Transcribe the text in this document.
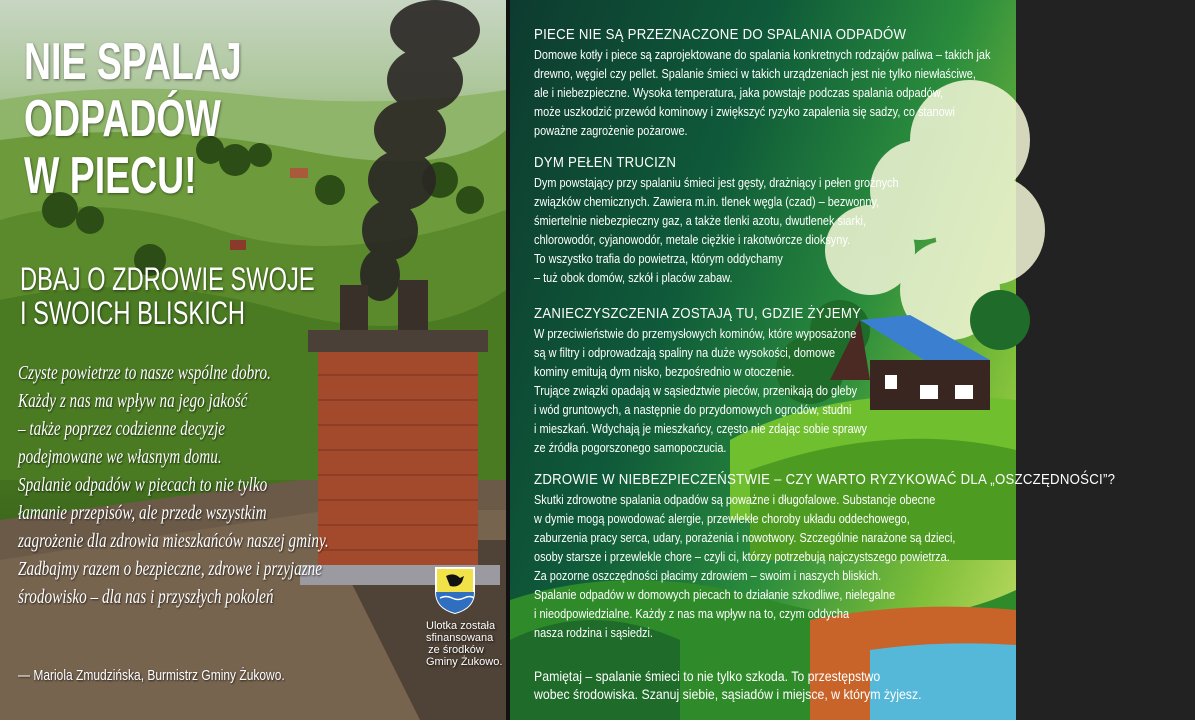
NIE SPALAJ ODPADÓW
W PIECU!
DBAJ O ZDROWIE SWOJE
I SWOICH BLISKICH
Czyste powietrze to nasze wspólne dobro.
Każdy z nas ma wpływ na jego jakość
– także poprzez codzienne decyzje
podejmowane we własnym domu.
Spalanie odpadów w piecach to nie tylko
łamanie przepisów, ale przede wszystkim
zagrożenie dla zdrowia mieszkańców naszej gminy.
Zadbajmy razem o bezpieczne, zdrowe i przyjazne
środowisko – dla nas i przyszłych pokoleń
— Mariola Zmudzińska, Burmistrz Gminy Żukowo.
Ulotka została
sfinansowana
ze środków
Gminy Żukowo.
PIECE NIE SĄ PRZEZNACZONE DO SPALANIA ODPADÓW

Domowe kotły i piece są zaprojektowane do spalania konkretnych rodzajów paliwa – takich jak
drewno, węgiel czy pellet. Spalanie śmieci w takich urządzeniach jest nie tylko niewłaściwe,
ale i niebezpieczne. Wysoka temperatura, jaka powstaje podczas spalania odpadów,
może uszkodzić przewód kominowy i zwiększyć ryzyko zapalenia się sadzy, co stanowi
poważne zagrożenie pożarowe.

DYM PEŁEN TRUCIZN

Dym powstający przy spalaniu śmieci jest gęsty, drażniący i pełen groźnych
związków chemicznych. Zawiera m.in. tlenek węgla (czad) – bezwonny,
śmiertelnie niebezpieczny gaz, a także tlenki azotu, dwutlenek siarki,
chlorowodór, cyjanowodór, metale ciężkie i rakotwórcze dioksyny.
To wszystko trafia do powietrza, którym oddychamy
– tuż obok domów, szkół i placów zabaw.

ZANIECZYSZCZENIA ZOSTAJĄ TU, GDZIE ŻYJEMY

W przeciwieństwie do przemysłowych kominów, które wyposażone
są w filtry i odprowadzają spaliny na duże wysokości, domowe
kominy emitują dym nisko, bezpośrednio w otoczenie.
Trujące związki opadają w sąsiedztwie pieców, przenikają do gleby
i wód gruntowych, a następnie do przydomowych ogrodów, studni
i mieszkań. Wdychają je mieszkańcy, często nie zdając sobie sprawy
ze źródła pogorszonego samopoczucia.

ZDROWIE W NIEBEZPIECZEŃSTWIE – CZY WARTO RYZYKOWAĆ DLA „OSZCZĘDNOŚCI”?

Skutki zdrowotne spalania odpadów są poważne i długofalowe. Substancje obecne
w dymie mogą powodować alergie, przewlekłe choroby układu oddechowego,
zaburzenia pracy serca, udary, porażenia i nowotwory. Szczególnie narażone są dzieci,
osoby starsze i przewlekle chore – czyli ci, którzy potrzebują najczystszego powietrza.
Za pozorne oszczędności płacimy zdrowiem – swoim i naszych bliskich.
Spalanie odpadów w domowych piecach to działanie szkodliwe, nielegalne
i nieodpowiedzialne. Każdy z nas ma wpływ na to, czym oddycha
nasza rodzina i sąsiedzi.

Pamiętaj – spalanie śmieci to nie tylko szkoda. To przestępstwo
wobec środowiska. Szanuj siebie, sąsiadów i miejsce, w którym żyjesz.
